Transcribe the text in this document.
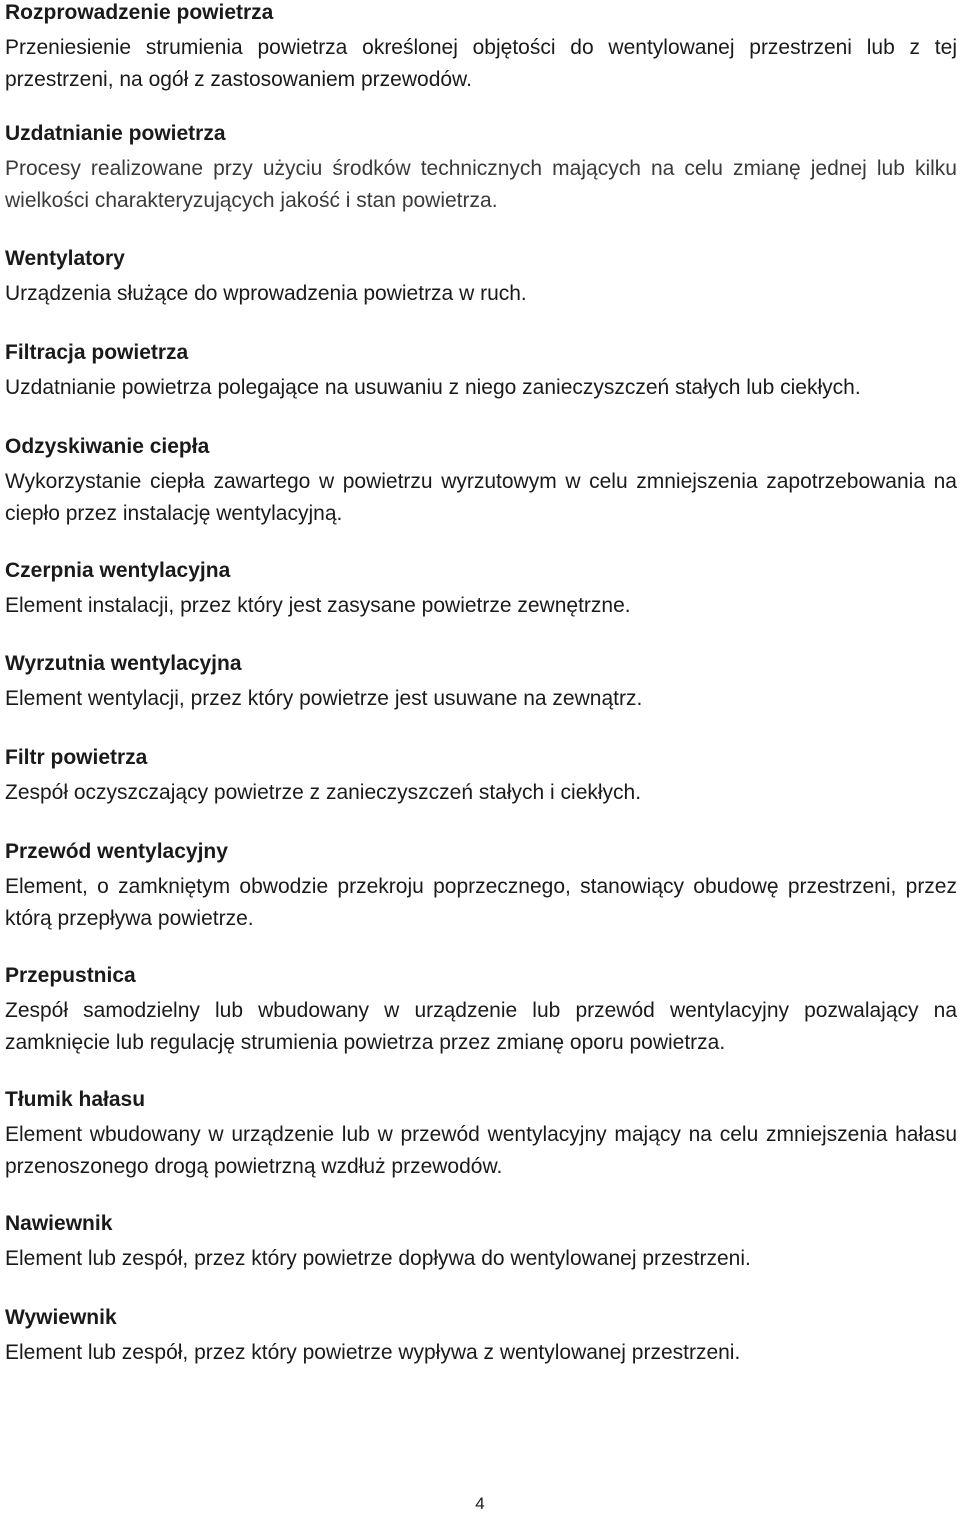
Rozprowadzenie powietrza

Przeniesienie strumienia powietrza określonej objętości do wentylowanej przestrzeni lub z tej przestrzeni, na ogół z zastosowaniem przewodów.

Uzdatnianie powietrza

Procesy realizowane przy użyciu środków technicznych mających na celu zmianę jednej lub kilku wielkości charakteryzujących jakość i stan powietrza.

Wentylatory

Urządzenia służące do wprowadzenia powietrza w ruch.

Filtracja powietrza

Uzdatnianie powietrza polegające na usuwaniu z niego zanieczyszczeń stałych lub ciekłych.

Odzyskiwanie ciepła

Wykorzystanie ciepła zawartego w powietrzu wyrzutowym w celu zmniejszenia zapotrzebowania na ciepło przez instalację wentylacyjną.

Czerpnia wentylacyjna

Element instalacji, przez który jest zasysane powietrze zewnętrzne.

Wyrzutnia wentylacyjna

Element wentylacji, przez który powietrze jest usuwane na zewnątrz.

Filtr powietrza

Zespół oczyszczający powietrze z zanieczyszczeń stałych i ciekłych.

Przewód wentylacyjny

Element, o zamkniętym obwodzie przekroju poprzecznego, stanowiący obudowę przestrzeni, przez którą przepływa powietrze.

Przepustnica

Zespół samodzielny lub wbudowany w urządzenie lub przewód wentylacyjny pozwalający na zamknięcie lub regulację strumienia powietrza przez zmianę oporu powietrza.

Tłumik hałasu

Element wbudowany w urządzenie lub w przewód wentylacyjny mający na celu zmniejszenia hałasu przenoszonego drogą powietrzną wzdłuż przewodów.

Nawiewnik

Element lub zespół, przez który powietrze dopływa do wentylowanej przestrzeni.

Wywiewnik

Element lub zespół, przez który powietrze wypływa z wentylowanej przestrzeni.

4
